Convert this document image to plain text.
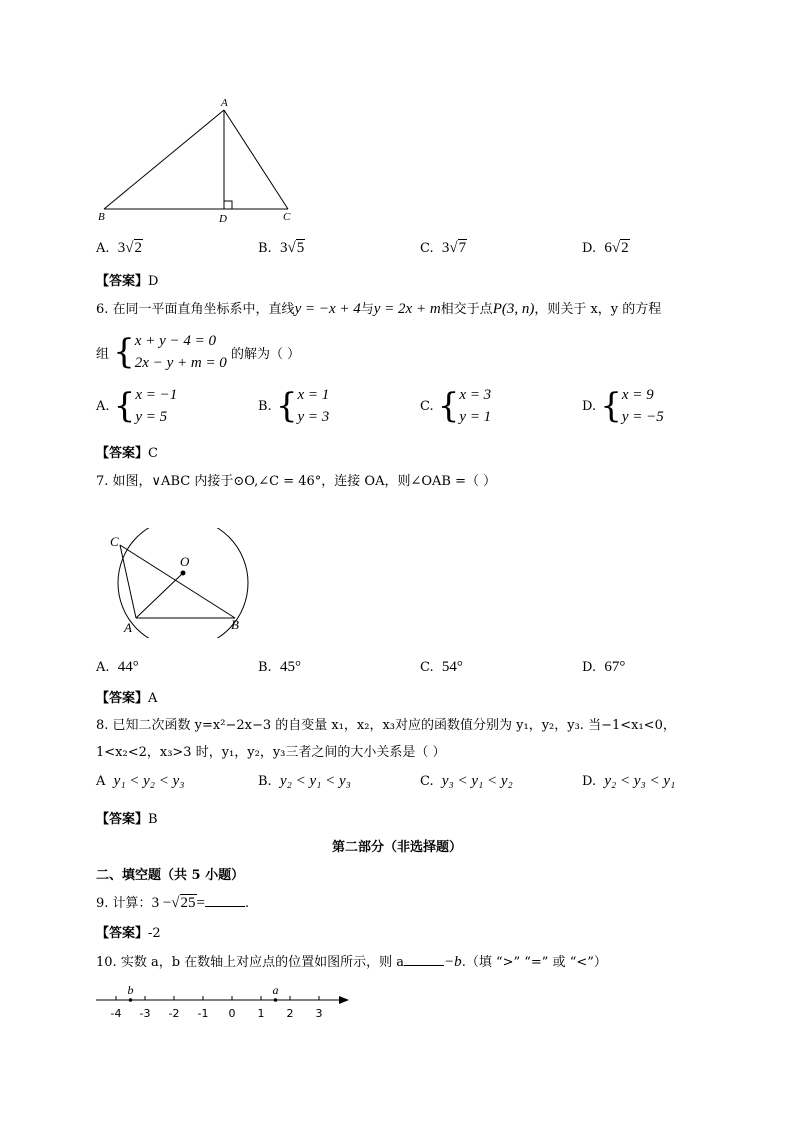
A
B	D	C
A. 3√2	B. 3√5	C. 3√7	D. 6√2
【答案】D
6. 在同一平面直角坐标系中，直线y = −x + 4与y = 2x + m相交于点P(3, n)，则关于 x，y 的方程
组 {x + y − 4 = 0
2x − y + m = 0 的解为（ ）
A. {x = −1
y = 5
B. {x = 1
y = 3
C. {x = 3
y = 1
D. {x = 9
y = −5
【答案】C
7. 如图，∨ABC 内接于⊙O,∠C = 46°，连接 OA，则∠OAB =（ ）
C
O
A	B
A. 44°	B. 45°	C. 54°	D. 67°
【答案】A
8. 已知二次函数 y=x²−2x−3 的自变量 x₁，x₂，x₃对应的函数值分别为 y₁，y₂，y₃. 当−1<x₁<0，
1<x₂<2，x₃>3 时，y₁，y₂，y₃三者之间的大小关系是（ ）
A y₁ < y₂ < y₃	B. y₂ < y₁ < y₃	C. y₃ < y₁ < y₂	D. y₂ < y₃ < y₁
【答案】B
第二部分（非选择题）
二、填空题（共 5 小题）
9. 计算：3 −√25=	.
【答案】-2
10. 实数 a，b 在数轴上对应点的位置如图所示，则 a	−b.（填 “>” “=” 或 “<”）
-4 -3 -2 -1 0 1 2 3
b	a
